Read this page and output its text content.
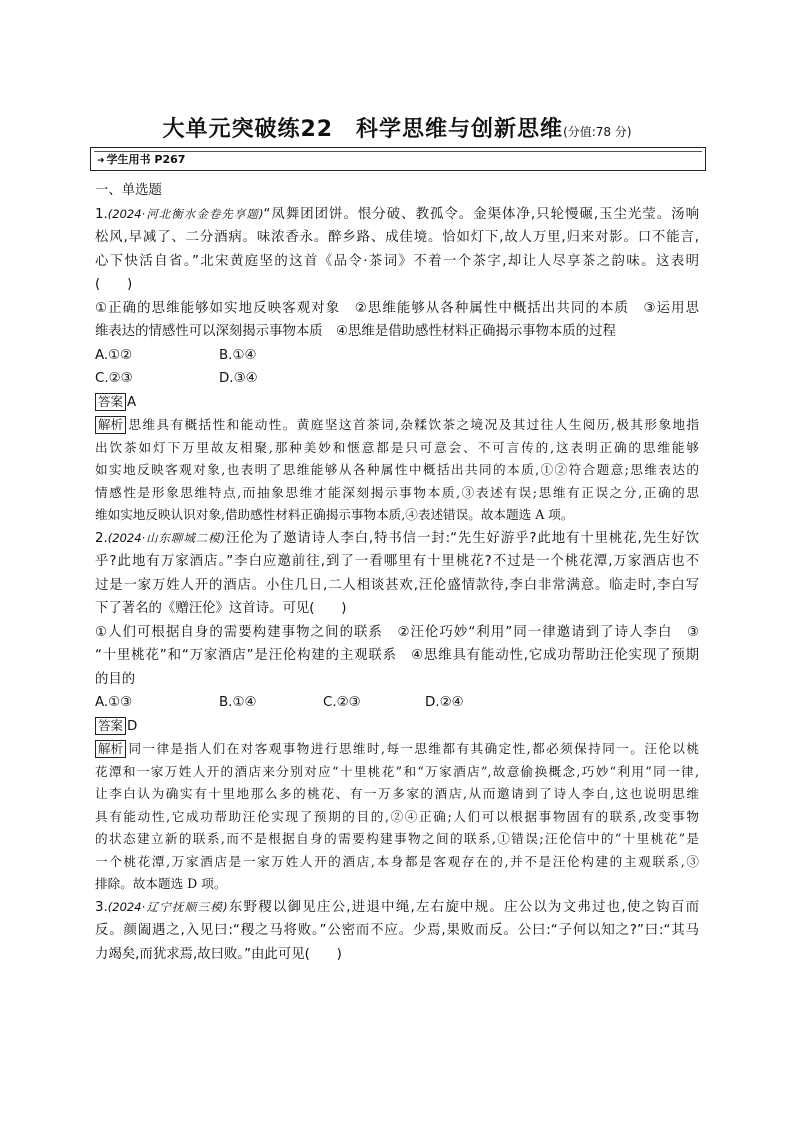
大单元突破练22　科学思维与创新思维(分值:78 分)
➜ 学生用书 P267
一、单选题
1.(2024·河北衡水金卷先享题)“凤舞团团饼。恨分破、教孤令。金渠体净,只轮慢碾,玉尘光莹。汤响
松风,早减了、二分酒病。味浓香永。醉乡路、成佳境。恰如灯下,故人万里,归来对影。口不能言,
心下快活自省。”北宋黄庭坚的这首《品令·茶词》不着一个茶字,却让人尽享茶之韵味。这表明
(　　)
①正确的思维能够如实地反映客观对象　②思维能够从各种属性中概括出共同的本质　③运用思
维表达的情感性可以深刻揭示事物本质　④思维是借助感性材料正确揭示事物本质的过程
A.①②	B.①④
C.②③	D.③④
答案 A
解析 思维具有概括性和能动性。黄庭坚这首茶词,杂糅饮茶之境况及其过往人生阅历,极其形象地指
出饮茶如灯下万里故友相聚,那种美妙和惬意都是只可意会、不可言传的,这表明正确的思维能够
如实地反映客观对象,也表明了思维能够从各种属性中概括出共同的本质,①②符合题意;思维表达的
情感性是形象思维特点,而抽象思维才能深刻揭示事物本质,③表述有误;思维有正误之分,正确的思
维如实地反映认识对象,借助感性材料正确揭示事物本质,④表述错误。故本题选 A 项。
2.(2024·山东聊城二模)汪伦为了邀请诗人李白,特书信一封:“先生好游乎?此地有十里桃花,先生好饮
乎?此地有万家酒店。”李白应邀前往,到了一看哪里有十里桃花?不过是一个桃花潭,万家酒店也不
过是一家万姓人开的酒店。小住几日,二人相谈甚欢,汪伦盛情款待,李白非常满意。临走时,李白写
下了著名的《赠汪伦》这首诗。可见(　　)
①人们可根据自身的需要构建事物之间的联系　②汪伦巧妙“利用”同一律邀请到了诗人李白　③
“十里桃花”和“万家酒店”是汪伦构建的主观联系　④思维具有能动性,它成功帮助汪伦实现了预期
的目的
A.①③	B.①④	C.②③	D.②④
答案 D
解析 同一律是指人们在对客观事物进行思维时,每一思维都有其确定性,都必须保持同一。汪伦以桃
花潭和一家万姓人开的酒店来分别对应“十里桃花”和“万家酒店”,故意偷换概念,巧妙“利用”同一律,
让李白认为确实有十里地那么多的桃花、有一万多家的酒店,从而邀请到了诗人李白,这也说明思维
具有能动性,它成功帮助汪伦实现了预期的目的,②④正确;人们可以根据事物固有的联系,改变事物
的状态建立新的联系,而不是根据自身的需要构建事物之间的联系,①错误;汪伦信中的“十里桃花”是
一个桃花潭,万家酒店是一家万姓人开的酒店,本身都是客观存在的,并不是汪伦构建的主观联系,③
排除。故本题选 D 项。
3.(2024·辽宁抚顺三模)东野稷以御见庄公,进退中绳,左右旋中规。庄公以为文弗过也,使之钩百而
反。颜阖遇之,入见曰:“稷之马将败。”公密而不应。少焉,果败而反。公曰:“子何以知之?”曰:“其马
力竭矣,而犹求焉,故曰败。”由此可见(　　)
